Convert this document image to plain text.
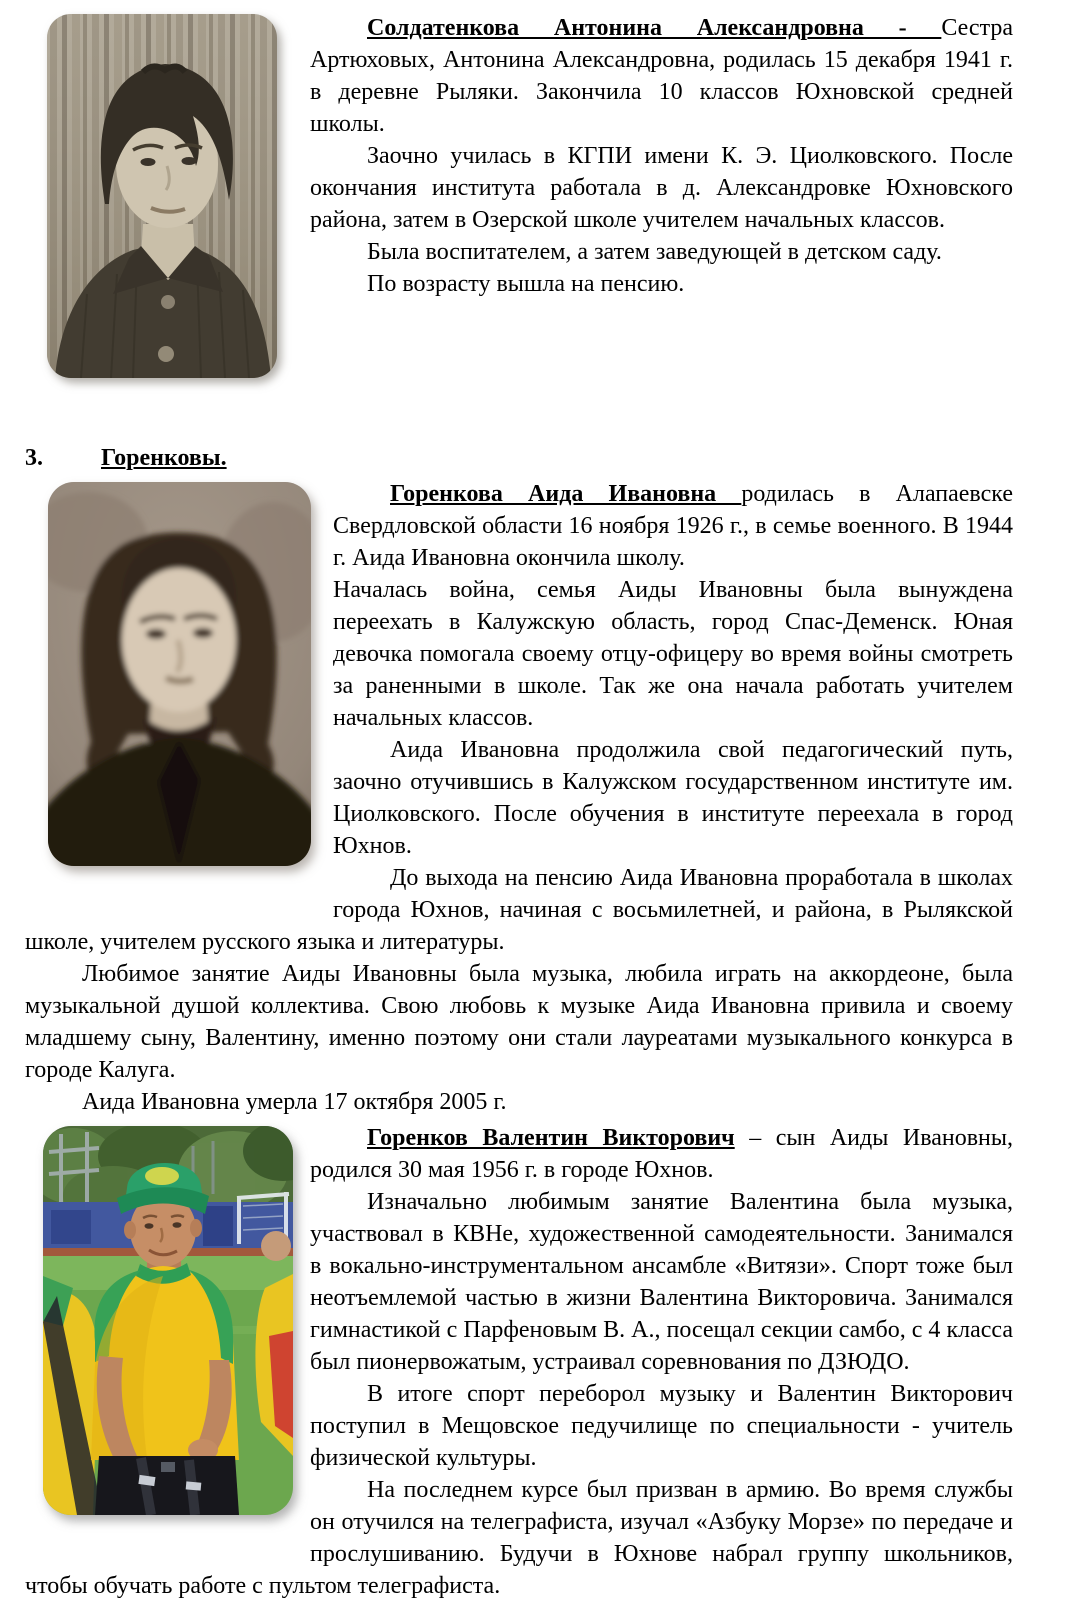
Солдатенкова Антонина Александровна - Сестра Артюховых, Антонина Александровна, родилась 15 декабря 1941 г. в деревне Рыляки. Закончила 10 классов Юхновской средней школы.

Заочно училась в КГПИ имени К. Э. Циолковского. После окончания института работала в д. Александровке Юхновского района, затем в Озерской школе учителем начальных классов.

Была воспитателем, а затем заведующей в детском саду.

По возрасту вышла на пенсию.

3. Горенковы.

Горенкова Аида Ивановна родилась в Алапаевске Свердловской области 16 ноября 1926 г., в семье военного. В 1944 г. Аида Ивановна окончила школу.

Началась война, семья Аиды Ивановны была вынуждена переехать в Калужскую область, город Спас-Деменск. Юная девочка помогала своему отцу-офицеру во время войны смотреть за раненными в школе. Так же она начала работать учителем начальных классов.

Аида Ивановна продолжила свой педагогический путь, заочно отучившись в Калужском государственном институте им. Циолковского. После обучения в институте переехала в город Юхнов.

До выхода на пенсию Аида Ивановна проработала в школах города Юхнов, начиная с восьмилетней, и района, в Рылякской школе, учителем русского языка и литературы.

Любимое занятие Аиды Ивановны была музыка, любила играть на аккордеоне, была музыкальной душой коллектива. Свою любовь к музыке Аида Ивановна привила и своему младшему сыну, Валентину, именно поэтому они стали лауреатами музыкального конкурса в городе Калуга.

Аида Ивановна умерла 17 октября 2005 г.

Горенков Валентин Викторович – сын Аиды Ивановны, родился 30 мая 1956 г. в городе Юхнов.

Изначально любимым занятие Валентина была музыка, участвовал в КВНе, художественной самодеятельности. Занимался в вокально-инструментальном ансамбле «Витязи». Спорт тоже был неотъемлемой частью в жизни Валентина Викторовича. Занимался гимнастикой с Парфеновым В. А., посещал секции самбо, с 4 класса был пионервожатым, устраивал соревнования по ДЗЮДО.

В итоге спорт переборол музыку и Валентин Викторович поступил в Мещовское педучилище по специальности - учитель физической культуры.

На последнем курсе был призван в армию. Во время службы он отучился на телеграфиста, изучал «Азбуку Морзе» по передаче и прослушиванию. Будучи в Юхнове набрал группу школьников, чтобы обучать работе с пультом телеграфиста.
